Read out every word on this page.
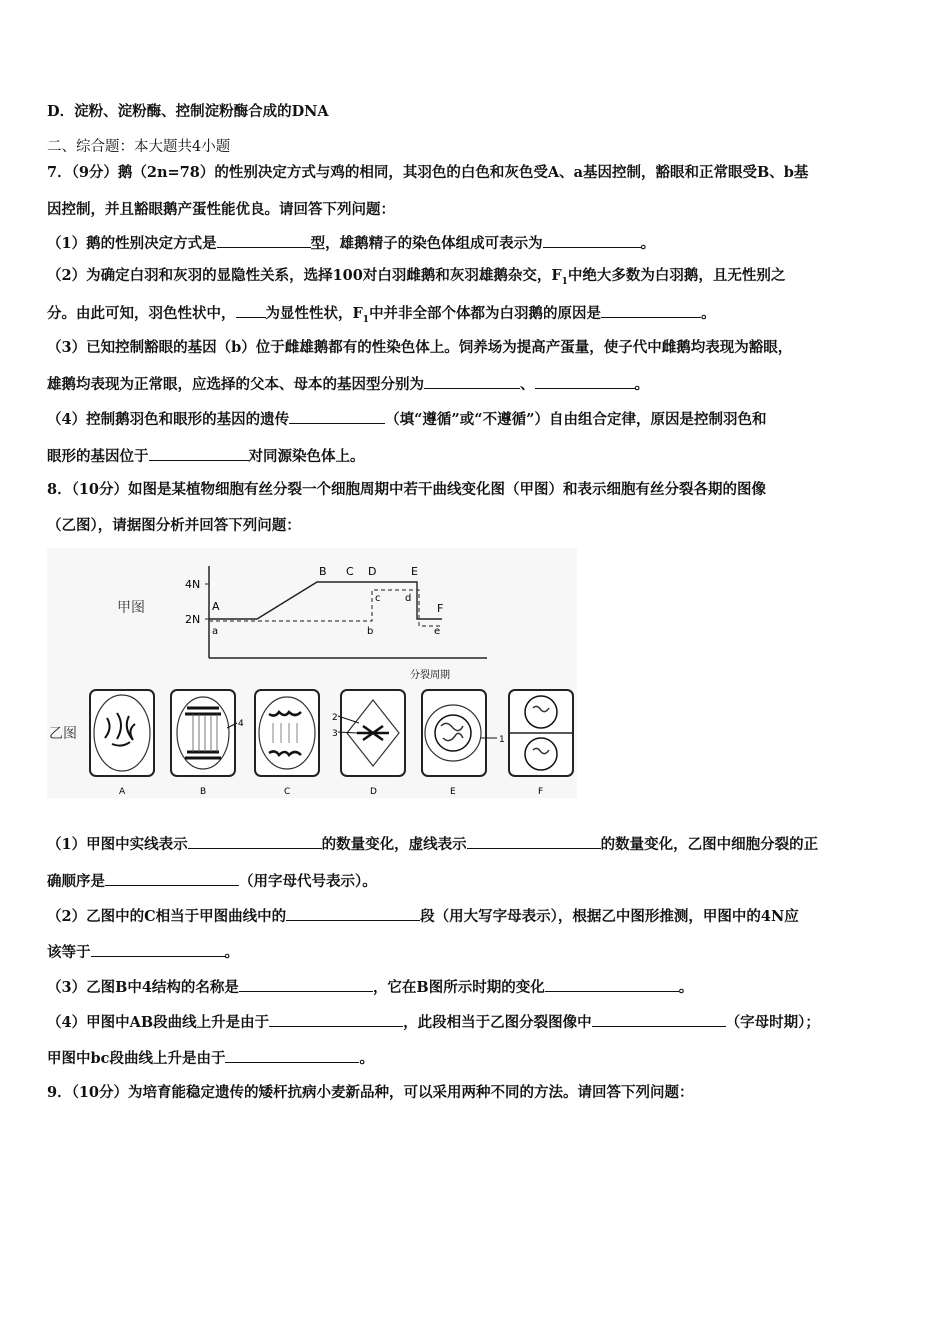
D．淀粉、淀粉酶、控制淀粉酶合成的DNA
二、综合题：本大题共4小题
7．（9分）鹅（2n=78）的性别决定方式与鸡的相同，其羽色的白色和灰色受A、a基因控制，豁眼和正常眼受B、b基
因控制，并且豁眼鹅产蛋性能优良。请回答下列问题：
（1）鹅的性别决定方式是	型，雄鹅精子的染色体组成可表示为	。
（2）为确定白羽和灰羽的显隐性关系，选择100对白羽雌鹅和灰羽雄鹅杂交，$F_1$中绝大多数为白羽鹅，且无性别之
分。由此可知，羽色性状中， 为显性性状，$F_1$中并非全部个体都为白羽鹅的原因是	。
（3）已知控制豁眼的基因（b）位于雌雄鹅都有的性染色体上。饲养场为提高产蛋量，使子代中雌鹅均表现为豁眼，
雄鹅均表现为正常眼，应选择的父本、母本的基因型分别为	、	。
（4）控制鹅羽色和眼形的基因的遗传	（填“遵循”或“不遵循”）自由组合定律，原因是控制羽色和
眼形的基因位于	对同源染色体上。
8．（10分）如图是某植物细胞有丝分裂一个细胞周期中若干曲线变化图（甲图）和表示细胞有丝分裂各期的图像
（乙图），请据图分析并回答下列问题：
甲图
4N
2N
A
B C D	E
F
a	b
c d
e
分裂周期
乙图
A
4
B	C
2
3
D
1
E	F
（1）甲图中实线表示	的数量变化，虚线表示	的数量变化，乙图中细胞分裂的正
确顺序是	（用字母代号表示）。
（2）乙图中的C相当于甲图曲线中的	段（用大写字母表示），根据乙中图形推测，甲图中的4N应
该等于	。
（3）乙图B中4结构的名称是	，它在B图所示时期的变化	。
（4）甲图中AB段曲线上升是由于	，此段相当于乙图分裂图像中	（字母时期）；
甲图中bc段曲线上升是由于	。
9．（10分）为培育能稳定遗传的矮杆抗病小麦新品种，可以采用两种不同的方法。请回答下列问题：
